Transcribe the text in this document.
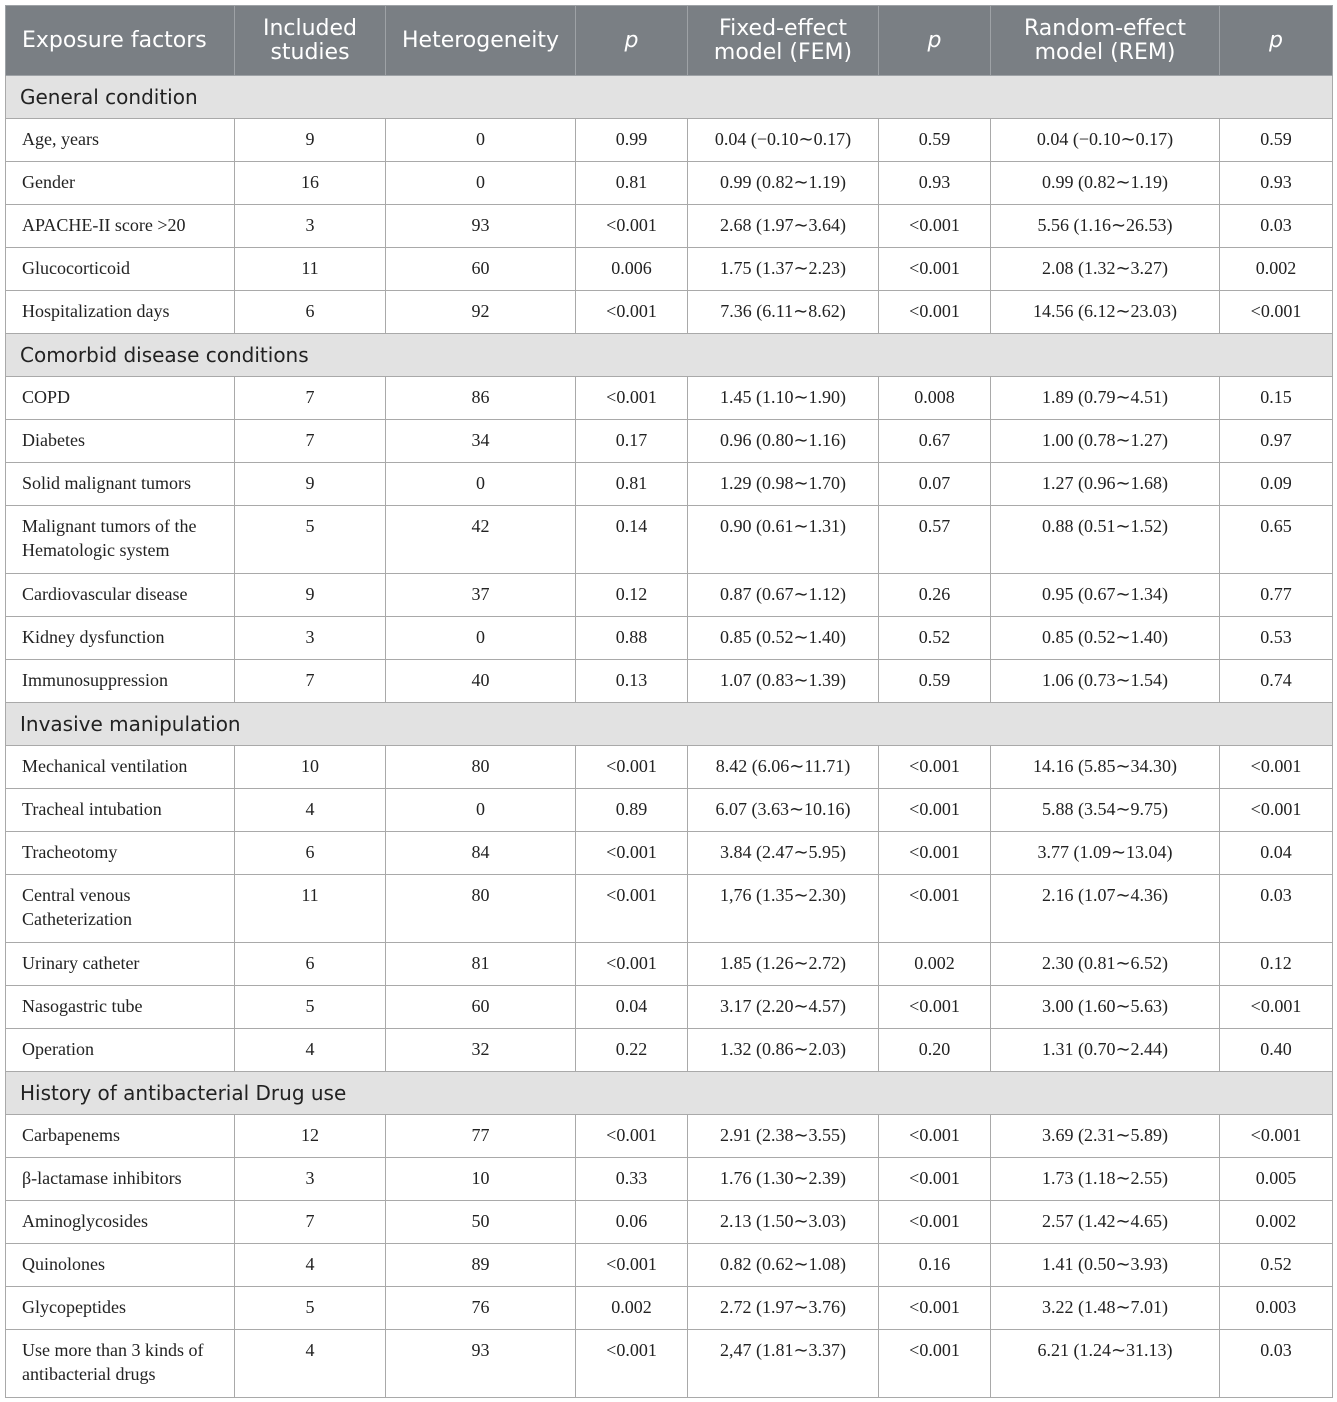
Exposure factors	Included studies	Heterogeneity	p	Fixed-effect model (FEM)	p	Random-effect model (REM)	p
General condition							
Age, years	9	0	0.99	0.04 (−0.10∼0.17)	0.59	0.04 (−0.10∼0.17)	0.59
Gender	16	0	0.81	0.99 (0.82∼1.19)	0.93	0.99 (0.82∼1.19)	0.93
APACHE-II score >20	3	93	<0.001	2.68 (1.97∼3.64)	<0.001	5.56 (1.16∼26.53)	0.03
Glucocorticoid	11	60	0.006	1.75 (1.37∼2.23)	<0.001	2.08 (1.32∼3.27)	0.002
Hospitalization days	6	92	<0.001	7.36 (6.11∼8.62)	<0.001	14.56 (6.12∼23.03)	<0.001
Comorbid disease conditions							
COPD	7	86	<0.001	1.45 (1.10∼1.90)	0.008	1.89 (0.79∼4.51)	0.15
Diabetes	7	34	0.17	0.96 (0.80∼1.16)	0.67	1.00 (0.78∼1.27)	0.97
Solid malignant tumors	9	0	0.81	1.29 (0.98∼1.70)	0.07	1.27 (0.96∼1.68)	0.09
Malignant tumors of the Hematologic system	5	42	0.14	0.90 (0.61∼1.31)	0.57	0.88 (0.51∼1.52)	0.65
Cardiovascular disease	9	37	0.12	0.87 (0.67∼1.12)	0.26	0.95 (0.67∼1.34)	0.77
Kidney dysfunction	3	0	0.88	0.85 (0.52∼1.40)	0.52	0.85 (0.52∼1.40)	0.53
Immunosuppression	7	40	0.13	1.07 (0.83∼1.39)	0.59	1.06 (0.73∼1.54)	0.74
Invasive manipulation							
Mechanical ventilation	10	80	<0.001	8.42 (6.06∼11.71)	<0.001	14.16 (5.85∼34.30)	<0.001
Tracheal intubation	4	0	0.89	6.07 (3.63∼10.16)	<0.001	5.88 (3.54∼9.75)	<0.001
Tracheotomy	6	84	<0.001	3.84 (2.47∼5.95)	<0.001	3.77 (1.09∼13.04)	0.04
Central venous Catheterization	11	80	<0.001	1,76 (1.35∼2.30)	<0.001	2.16 (1.07∼4.36)	0.03
Urinary catheter	6	81	<0.001	1.85 (1.26∼2.72)	0.002	2.30 (0.81∼6.52)	0.12
Nasogastric tube	5	60	0.04	3.17 (2.20∼4.57)	<0.001	3.00 (1.60∼5.63)	<0.001
Operation	4	32	0.22	1.32 (0.86∼2.03)	0.20	1.31 (0.70∼2.44)	0.40
History of antibacterial Drug use							
Carbapenems	12	77	<0.001	2.91 (2.38∼3.55)	<0.001	3.69 (2.31∼5.89)	<0.001
β-lactamase inhibitors	3	10	0.33	1.76 (1.30∼2.39)	<0.001	1.73 (1.18∼2.55)	0.005
Aminoglycosides	7	50	0.06	2.13 (1.50∼3.03)	<0.001	2.57 (1.42∼4.65)	0.002
Quinolones	4	89	<0.001	0.82 (0.62∼1.08)	0.16	1.41 (0.50∼3.93)	0.52
Glycopeptides	5	76	0.002	2.72 (1.97∼3.76)	<0.001	3.22 (1.48∼7.01)	0.003
Use more than 3 kinds of antibacterial drugs	4	93	<0.001	2,47 (1.81∼3.37)	<0.001	6.21 (1.24∼31.13)	0.03
